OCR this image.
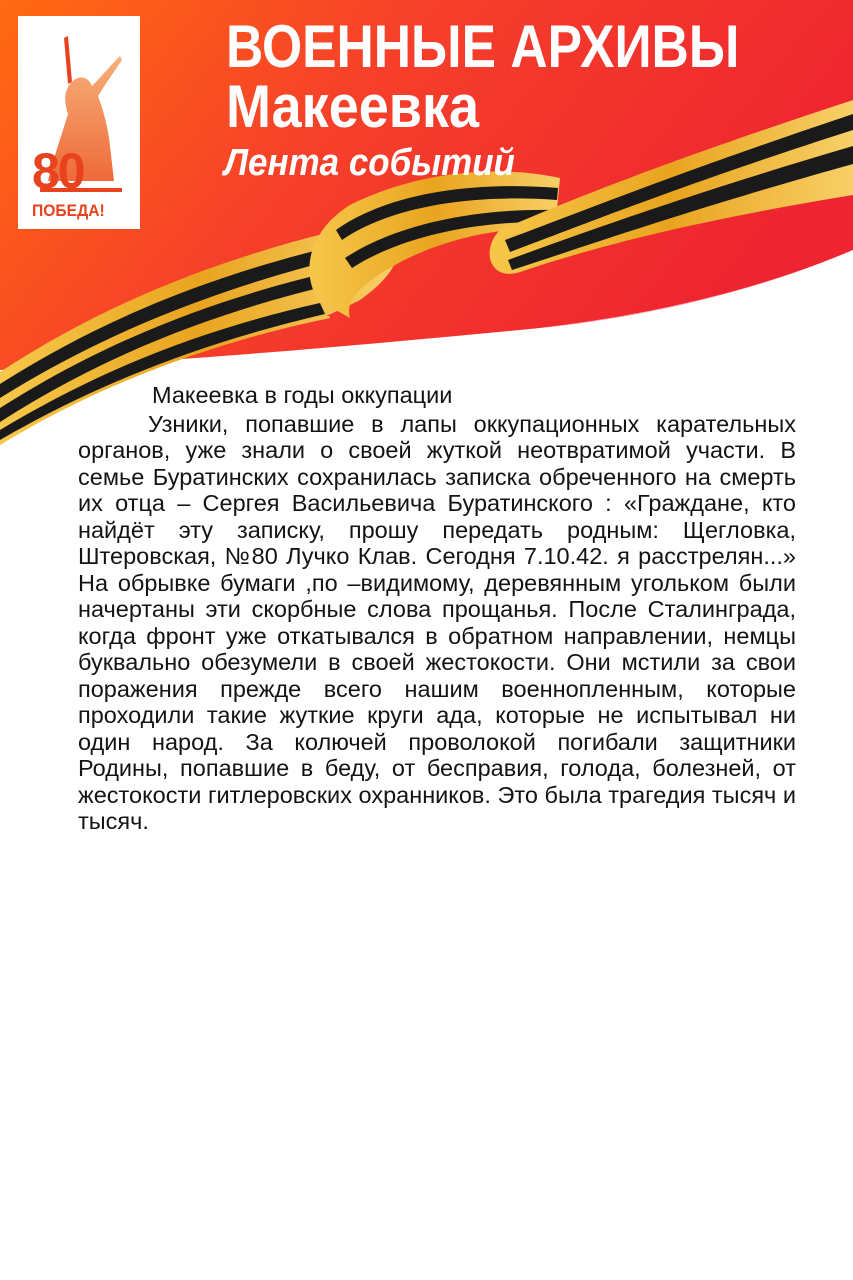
80
ПОБЕДА!
ВОЕННЫЕ АРХИВЫ
Макеевка
Лента событий
Макеевка в годы оккупации

Узники, попавшие в лапы оккупационных карательных органов, уже знали о своей жуткой неотвратимой участи. В семье Буратинских сохранилась записка обреченного на смерть их отца – Сергея Васильевича Буратинского : «Граждане, кто найдёт эту записку, прошу передать родным: Щегловка, Штеровская, №80 Лучко Клав. Сегодня 7.10.42. я расстрелян...» На обрывке бумаги ,по –видимому, деревянным угольком были начертаны эти скорбные слова прощанья. После Сталинграда, когда фронт уже откатывался в обратном направлении, немцы буквально обезумели в своей жестокости. Они мстили за свои поражения прежде всего нашим военнопленным, которые проходили такие жуткие круги ада, которые не испытывал ни один народ. За колючей проволокой погибали защитники Родины, попавшие в беду, от бесправия, голода, болезней, от жестокости гитлеровских охранников. Это была трагедия тысяч и тысяч.
